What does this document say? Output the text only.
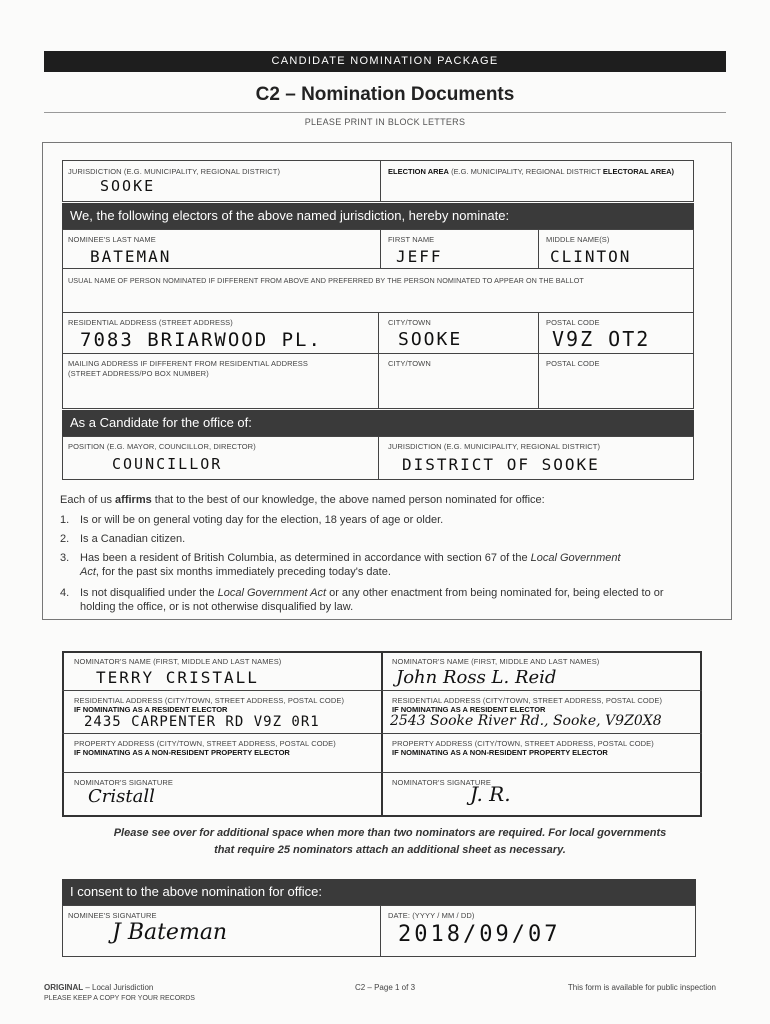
CANDIDATE NOMINATION PACKAGE
C2 – Nomination Documents
PLEASE PRINT IN BLOCK LETTERS
JURISDICTION (E.G. MUNICIPALITY, REGIONAL DISTRICT)
SOOKE
ELECTION AREA (E.G. MUNICIPALITY, REGIONAL DISTRICT ELECTORAL AREA)
We, the following electors of the above named jurisdiction, hereby nominate:
NOMINEE'S LAST NAME
BATEMAN
FIRST NAME
JEFF
MIDDLE NAME(S)
CLINTON
USUAL NAME OF PERSON NOMINATED IF DIFFERENT FROM ABOVE AND PREFERRED BY THE PERSON NOMINATED TO APPEAR ON THE BALLOT
RESIDENTIAL ADDRESS (STREET ADDRESS)
7083 BRIARWOOD PL.
CITY/TOWN
SOOKE
POSTAL CODE
V9Z OT2
MAILING ADDRESS IF DIFFERENT FROM RESIDENTIAL ADDRESS
(STREET ADDRESS/PO BOX NUMBER)
CITY/TOWN	POSTAL CODE
As a Candidate for the office of:
POSITION (E.G. MAYOR, COUNCILLOR, DIRECTOR)
COUNCILLOR
JURISDICTION (E.G. MUNICIPALITY, REGIONAL DISTRICT)
DISTRICT OF SOOKE
Each of us affirms that to the best of our knowledge, the above named person nominated for office:
1. Is or will be on general voting day for the election, 18 years of age or older.
2. Is a Canadian citizen.
3. Has been a resident of British Columbia, as determined in accordance with section 67 of the Local Government Act, for the past six months immediately preceding today's date.
4. Is not disqualified under the Local Government Act or any other enactment from being nominated for, being elected to or holding the office, or is not otherwise disqualified by law.
NOMINATOR'S NAME (FIRST, MIDDLE AND LAST NAMES)
TERRY CRISTALL
RESIDENTIAL ADDRESS (CITY/TOWN, STREET ADDRESS, POSTAL CODE)
IF NOMINATING AS A RESIDENT ELECTOR
2435 CARPENTER RD V9Z 0R1
PROPERTY ADDRESS (CITY/TOWN, STREET ADDRESS, POSTAL CODE)
IF NOMINATING AS A NON-RESIDENT PROPERTY ELECTOR
NOMINATOR'S SIGNATURE
Cristall
NOMINATOR'S NAME (FIRST, MIDDLE AND LAST NAMES)
John Ross L. Reid
RESIDENTIAL ADDRESS (CITY/TOWN, STREET ADDRESS, POSTAL CODE)
IF NOMINATING AS A RESIDENT ELECTOR
2543 Sooke River Rd., Sooke, V9Z0X8
PROPERTY ADDRESS (CITY/TOWN, STREET ADDRESS, POSTAL CODE)
IF NOMINATING AS A NON-RESIDENT PROPERTY ELECTOR
NOMINATOR'S SIGNATURE
J. R.
Please see over for additional space when more than two nominators are required. For local governments
that require 25 nominators attach an additional sheet as necessary.
I consent to the above nomination for office:
NOMINEE'S SIGNATURE
J Bateman
DATE: (YYYY / MM / DD)
2018/09/07
ORIGINAL – Local Jurisdiction
PLEASE KEEP A COPY FOR YOUR RECORDS
C2 – Page 1 of 3	This form is available for public inspection
